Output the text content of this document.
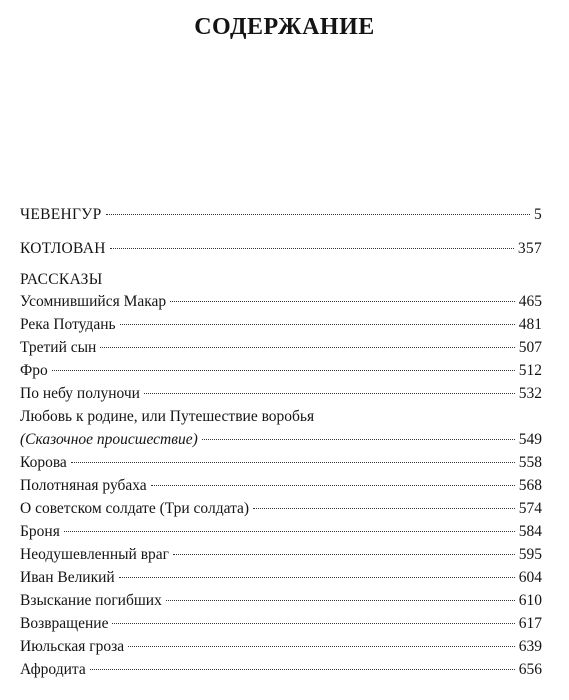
СОДЕРЖАНИЕ
ЧЕВЕНГУР	5
КОТЛОВАН	357
РАССКАЗЫ
Усомнившийся Макар	465
Река Потудань	481
Третий сын	507
Фро	512
По небу полуночи	532
Любовь к родине, или Путешествие воробья
(Сказочное происшествие)	549
Корова	558
Полотняная рубаха	568
О советском солдате (Три солдата)	574
Броня	584
Неодушевленный враг	595
Иван Великий	604
Взыскание погибших	610
Возвращение	617
Июльская гроза	639
Афродита	656
